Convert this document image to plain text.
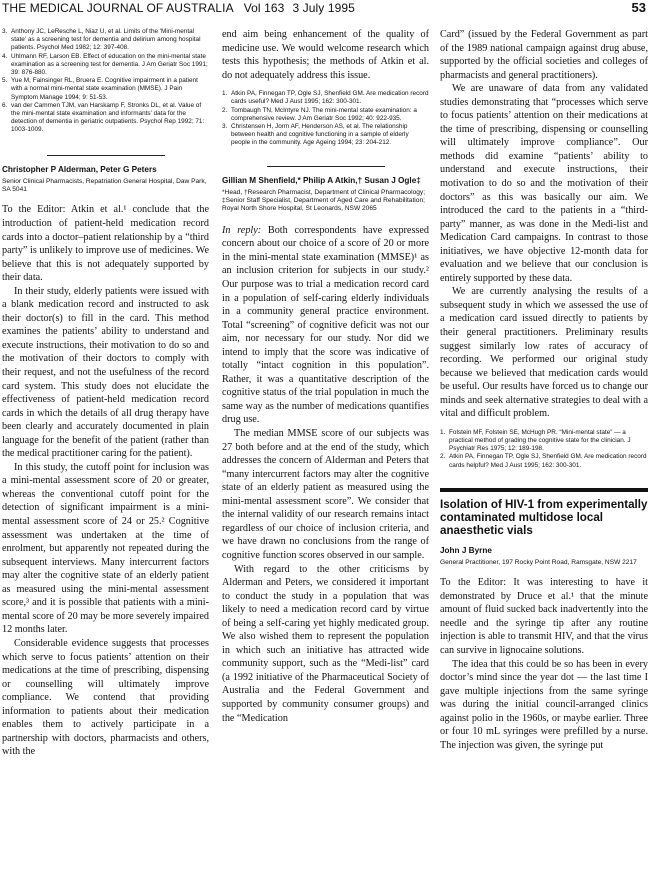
THE MEDICAL JOURNAL OF AUSTRALIA Vol 163 3 July 1995	53
3. Anthony JC, LeResche L, Niaz U, et al. Limits of the 'Mini-mental state' as a screening test for dementia and delirium among hospital patients. Psychol Med 1982; 12: 397-408.
4. Uhlmann RF, Larson EB. Effect of education on the mini-mental state examination as a screening test for dementia. J Am Geriatr Soc 1991; 39: 876-880.
5. Yue M, Fainsinger RL, Bruera E. Cognitive impairment in a patient with a normal mini-mental state examination (MMSE). J Pain Symptom Manage 1994; 9: 51-53.
6. van der Cammen TJM, van Harskamp F, Stronks DL, et al. Value of the mini-mental state examination and informants' data for the detection of dementia in geriatric outpatients. Psychol Rep 1992; 71: 1003-1009.

Christopher P Alderman, Peter G Peters

Senior Clinical Pharmacists, Repatriation General Hospital, Daw Park, SA 5041

To the Editor: Atkin et al.¹ conclude that the introduction of patient-held medication record cards into a doctor–patient relationship by a “third party” is unlikely to improve use of medicines. We believe that this is not adequately supported by their data.

In their study, elderly patients were issued with a blank medication record and instructed to ask their doctor(s) to fill in the card. This method examines the patients’ ability to understand and execute instructions, their motivation to do so and the motivation of their doctors to comply with their request, and not the usefulness of the record card system. This study does not elucidate the effectiveness of patient-held medication record cards in which the details of all drug therapy have been clearly and accurately documented in plain language for the benefit of the patient (rather than the medical practitioner caring for the patient).

In this study, the cutoff point for inclusion was a mini-mental assessment score of 20 or greater, whereas the conventional cutoff point for the detection of significant impairment is a mini-mental assessment score of 24 or 25.² Cognitive assessment was undertaken at the time of enrolment, but apparently not repeated during the subsequent interviews. Many intercurrent factors may alter the cognitive state of an elderly patient as measured using the mini-mental assessment score,³ and it is possible that patients with a mini-mental score of 20 may be more severely impaired 12 months later.

Considerable evidence suggests that processes which serve to focus patients’ attention on their medications at the time of prescribing, dispensing or counselling will ultimately improve compliance. We contend that providing information to patients about their medication enables them to actively participate in a partnership with doctors, pharmacists and others, with the

end aim being enhancement of the quality of medicine use. We would welcome research which tests this hypothesis; the methods of Atkin et al. do not adequately address this issue.

1. Atkin PA, Finnegan TP, Ogle SJ, Shenfield GM. Are medication record cards useful? Med J Aust 1995; 162: 300-301.
2. Tombaugh TN, McIntyre NJ. The mini-mental state examination: a comprehensive review. J Am Geriatr Soc 1992; 40: 922-935.
3. Christensen H, Jorm AF, Henderson AS, et al. The relationship between health and cognitive functioning in a sample of elderly people in the community. Age Ageing 1994; 23: 204-212.

Gillian M Shenfield,* Philip A Atkin,† Susan J Ogle‡

*Head, †Research Pharmacist, Department of Clinical Pharmacology; ‡Senior Staff Specialist, Department of Aged Care and Rehabilitation; Royal North Shore Hospital, St Leonards, NSW 2065

In reply: Both correspondents have expressed concern about our choice of a score of 20 or more in the mini-mental state examination (MMSE)¹ as an inclusion criterion for subjects in our study.² Our purpose was to trial a medication record card in a population of self-caring elderly individuals in a community general practice environment. Total “screening” of cognitive deficit was not our aim, nor necessary for our study. Nor did we intend to imply that the score was indicative of totally “intact cognition in this population”. Rather, it was a quantitative description of the cognitive status of the trial population in much the same way as the number of medications quantifies drug use.

The median MMSE score of our subjects was 27 both before and at the end of the study, which addresses the concern of Alderman and Peters that “many intercurrent factors may alter the cognitive state of an elderly patient as measured using the mini-mental assessment score”. We consider that the internal validity of our research remains intact regardless of our choice of inclusion criteria, and we have drawn no conclusions from the range of cognitive function scores observed in our sample.

With regard to the other criticisms by Alderman and Peters, we considered it important to conduct the study in a population that was likely to need a medication record card by virtue of being a self-caring yet highly medicated group. We also wished them to represent the population in which such an initiative has attracted wide community support, such as the “Medi-list” card (a 1992 initiative of the Pharmaceutical Society of Australia and the Federal Government and supported by community consumer groups) and the “Medication

Card” (issued by the Federal Government as part of the 1989 national campaign against drug abuse, supported by the official societies and colleges of pharmacists and general practitioners).

We are unaware of data from any validated studies demonstrating that “processes which serve to focus patients’ attention on their medications at the time of prescribing, dispensing or counselling will ultimately improve compliance”. Our methods did examine “patients’ ability to understand and execute instructions, their motivation to do so and the motivation of their doctors” as this was basically our aim. We introduced the card to the patients in a “third-party” manner, as was done in the Medi-list and Medication Card campaigns. In contrast to those initiatives, we have objective 12-month data for evaluation and we believe that our conclusion is entirely supported by these data.

We are currently analysing the results of a subsequent study in which we assessed the use of a medication card issued directly to patients by their general practitioners. Preliminary results suggest similarly low rates of accuracy of recording. We performed our original study because we believed that medication cards would be useful. Our results have forced us to change our minds and seek alternative strategies to deal with a vital and difficult problem.

1. Folstein MF, Folstein SE, McHugh PR. “Mini-mental state” — a practical method of grading the cognitive state for the clinician. J Psychiatr Res 1975; 12: 189-198.
2. Atkin PA, Finnegan TP, Ogle SJ, Shenfield GM. Are medication record cards helpful? Med J Aust 1995; 162: 300-301.
Isolation of HIV-1 from experimentally contaminated multidose local anaesthetic vials

John J Byrne

General Practitioner, 197 Rocky Point Road, Ramsgate, NSW 2217

To the Editor: It was interesting to have it demonstrated by Druce et al.¹ that the minute amount of fluid sucked back inadvertently into the needle and the syringe tip after any routine injection is able to transmit HIV, and that the virus can survive in lignocaine solutions.

The idea that this could be so has been in every doctor’s mind since the year dot — the last time I gave multiple injections from the same syringe was during the initial council-arranged clinics against polio in the 1960s, or maybe earlier. Three or four 10 mL syringes were prefilled by a nurse. The injection was given, the syringe put
